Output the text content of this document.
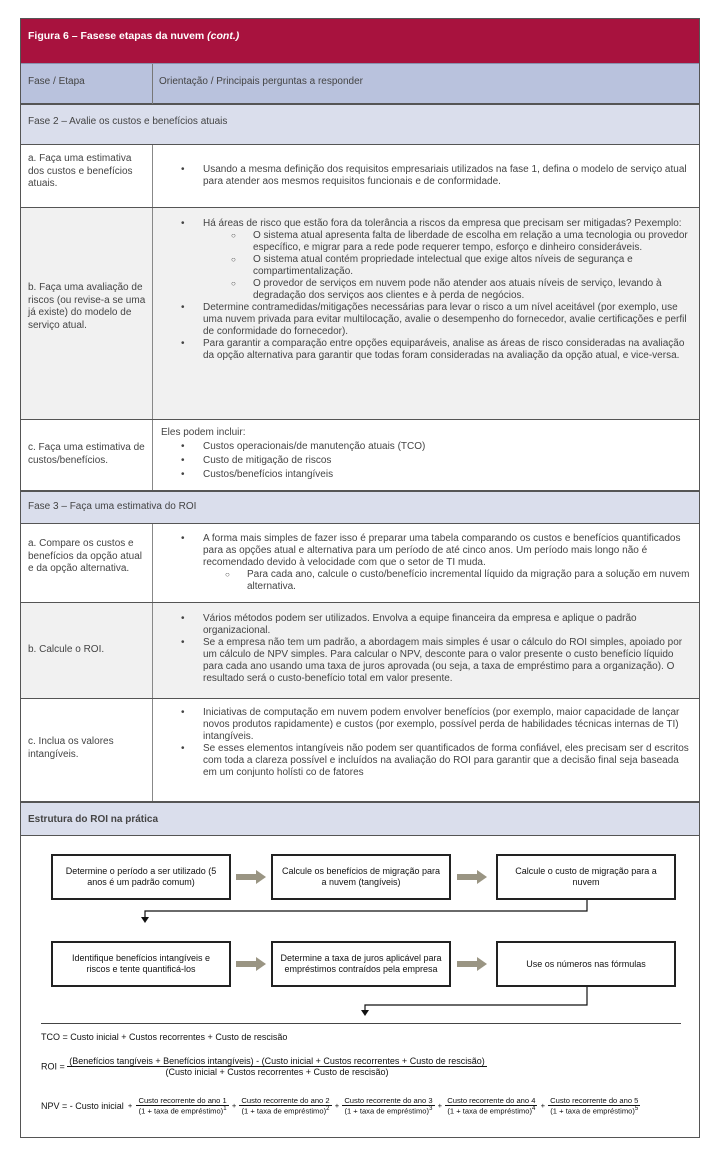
Figura 6 – Fasese etapas da nuvem (cont.)
Fase / Etapa	Orientação / Principais perguntas a responder
Fase 2 – Avalie os custos e benefícios atuais
a. Faça uma estimativa dos custos e benefícios atuais.
• Usando a mesma definição dos requisitos empresariais utilizados na fase 1, defina o modelo de serviço atual para atender aos mesmos requisitos funcionais e de conformidade.
b. Faça uma avaliação de riscos (ou revise-a se uma já existe) do modelo de serviço atual.
• Há áreas de risco que estão fora da tolerância a riscos da empresa que precisam ser mitigadas? Pexemplo:
○ O sistema atual apresenta falta de liberdade de escolha em relação a uma tecnologia ou provedor específico, e migrar para a rede pode requerer tempo, esforço e dinheiro consideráveis.
○ O sistema atual contém propriedade intelectual que exige altos níveis de segurança e compartimentalização.
○ O provedor de serviços em nuvem pode não atender aos atuais níveis de serviço, levando à degradação dos serviços aos clientes e à perda de negócios.
• Determine contramedidas/mitigações necessárias para levar o risco a um nível aceitável (por exemplo, use uma nuvem privada para evitar multilocação, avalie o desempenho do fornecedor, avalie certificações e perfil de conformidade do fornecedor).
• Para garantir a comparação entre opções equiparáveis, analise as áreas de risco consideradas na avaliação da opção alternativa para garantir que todas foram consideradas na avaliação da opção atual, e vice-versa.
c. Faça uma estimativa de custos/benefícios.
Eles podem incluir:
• Custos operacionais/de manutenção atuais (TCO)
• Custo de mitigação de riscos
• Custos/benefícios intangíveis
Fase 3 – Faça uma estimativa do ROI
a. Compare os custos e benefícios da opção atual e da opção alternativa.
• A forma mais simples de fazer isso é preparar uma tabela comparando os custos e benefícios quantificados para as opções atual e alternativa para um período de até cinco anos. Um período mais longo não é recomendado devido à velocidade com que o setor de TI muda.
○ Para cada ano, calcule o custo/benefício incremental líquido da migração para a solução em nuvem alternativa.
b. Calcule o ROI.
• Vários métodos podem ser utilizados. Envolva a equipe financeira da empresa e aplique o padrão organizacional.
• Se a empresa não tem um padrão, a abordagem mais simples é usar o cálculo do ROI simples, apoiado por um cálculo de NPV simples. Para calcular o NPV, desconte para o valor presente o custo benefício líquido para cada ano usando uma taxa de juros aprovada (ou seja, a taxa de empréstimo para a organização). O resultado será o custo-benefício total em valor presente.
c. Inclua os valores intangíveis.
• Iniciativas de computação em nuvem podem envolver benefícios (por exemplo, maior capacidade de lançar novos produtos rapidamente) e custos (por exemplo, possível perda de habilidades técnicas internas de TI) intangíveis.
• Se esses elementos intangíveis não podem ser quantificados de forma confiável, eles precisam ser d escritos com toda a clareza possível e incluídos na avaliação do ROI para garantir que a decisão final seja baseada em um conjunto holísti co de fatores
Estrutura do ROI na prática
Determine o período a ser utilizado (5 anos é um padrão comum)
Calcule os benefícios de migração para a nuvem (tangíveis)
Calcule o custo de migração para a nuvem
Identifique benefícios intangíveis e riscos e tente quantificá-los
Determine a taxa de juros aplicável para empréstimos contraídos pela empresa
Use os números nas fórmulas
TCO = Custo inicial + Custos recorrentes + Custo de rescisão
ROI =
(Benefícios tangíveis + Benefícios intangíveis) - (Custo inicial + Custos recorrentes + Custo de rescisão)
(Custo inicial + Custos recorrentes + Custo de rescisão)
NPV = - Custo inicial + $\frac{\text{Custo recorrente do ano 1}}{(1 + taxa de empréstimo)^1} + \frac{\text{Custo recorrente do ano 2}}{(1 + taxa de empréstimo)^2} + \frac{\text{Custo recorrente do ano 3}}{(1 + taxa de empréstimo)^3} + \frac{\text{Custo recorrente do ano 4}}{(1 + taxa de empréstimo)^4} + \frac{\text{Custo recorrente do ano 5}}{(1 + taxa de empréstimo)^5}$
